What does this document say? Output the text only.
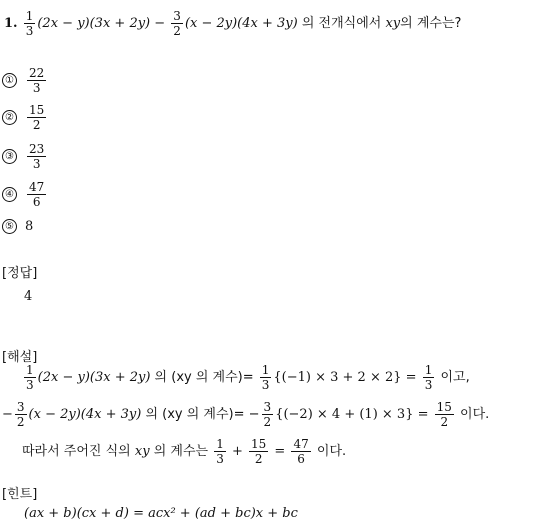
1. $\frac{1}{3} (2x - y)(3x + 2y) - \frac{3}{2} (x - 2y)(4x + 3y)$ 의 전개식에서 xy의 계수는?
① $\frac{22}{3}$
② $\frac{15}{2}$
③ $\frac{23}{3}$
④ $\frac{47}{6}$
⑤ 8
[정답]
4
[해설]
$\frac{1}{3} (2x - y)(3x + 2y)$ 의 (xy 의 계수)= $\frac{1}{3} \{(-1) \times 3 + 2 \times 2\} = \frac{1}{3}$ 이고,
− $\frac{3}{2} (x - 2y)(4x + 3y)$ 의 (xy 의 계수)= − $\frac{3}{2} \{(-2) \times 4 + (1) \times 3\} = \frac{15}{2}$ 이다.
따라서 주어진 식의 xy 의 계수는 $\frac{1}{3} + \frac{15}{2} = \frac{47}{6}$ 이다.
[힌트]
(ax + b)(cx + d) = acx² + (ad + bc)x + bc
